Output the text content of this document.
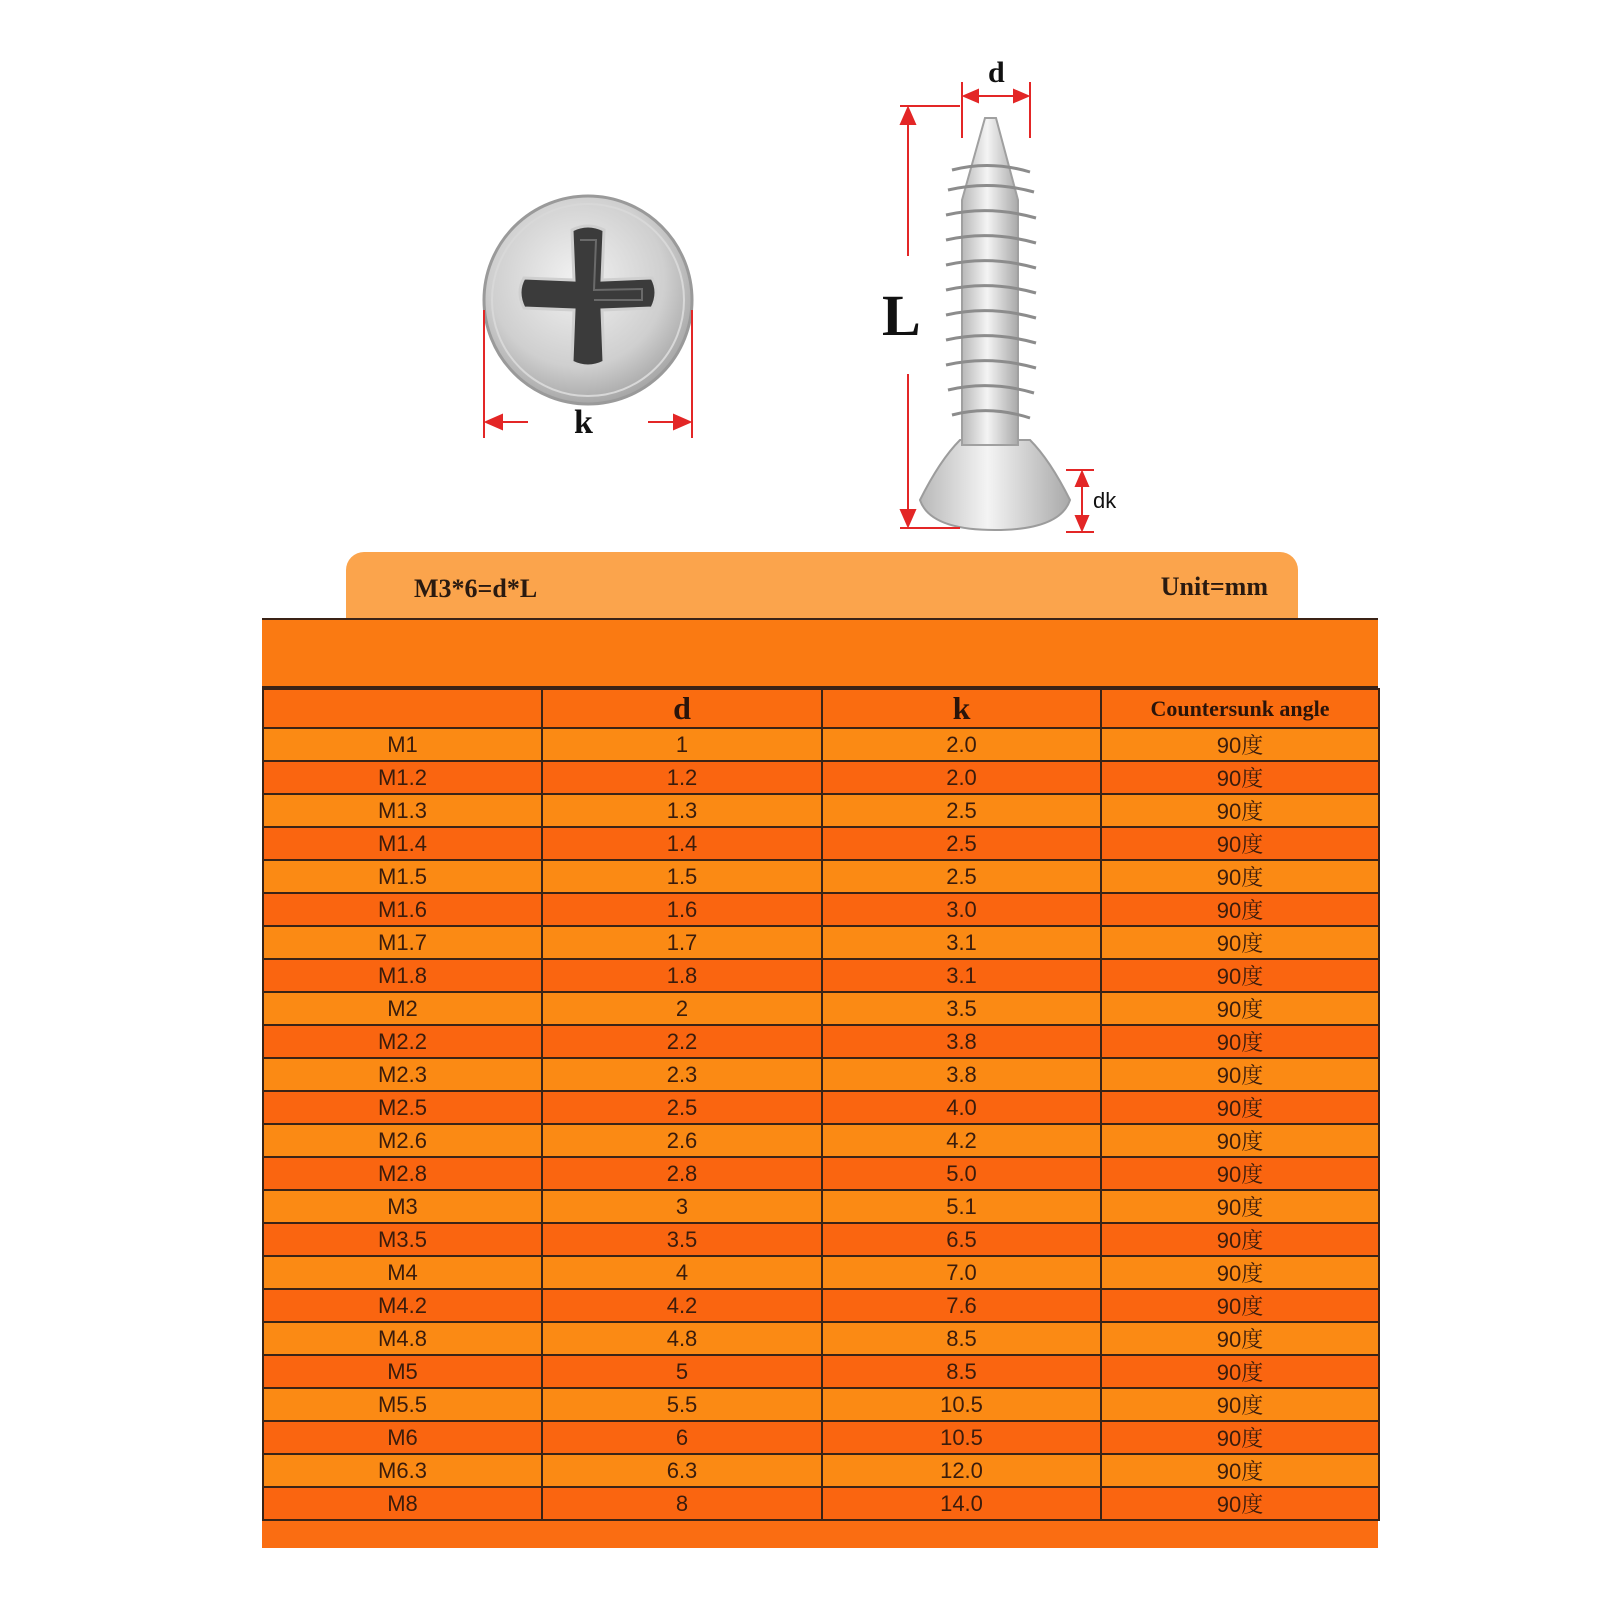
k
d
L
dk
M3*6=d*L	Unit=mm
	d	k	Countersunk angle
M1	1	2.0	90度
M1.2	1.2	2.0	90度
M1.3	1.3	2.5	90度
M1.4	1.4	2.5	90度
M1.5	1.5	2.5	90度
M1.6	1.6	3.0	90度
M1.7	1.7	3.1	90度
M1.8	1.8	3.1	90度
M2	2	3.5	90度
M2.2	2.2	3.8	90度
M2.3	2.3	3.8	90度
M2.5	2.5	4.0	90度
M2.6	2.6	4.2	90度
M2.8	2.8	5.0	90度
M3	3	5.1	90度
M3.5	3.5	6.5	90度
M4	4	7.0	90度
M4.2	4.2	7.6	90度
M4.8	4.8	8.5	90度
M5	5	8.5	90度
M5.5	5.5	10.5	90度
M6	6	10.5	90度
M6.3	6.3	12.0	90度
M8	8	14.0	90度
